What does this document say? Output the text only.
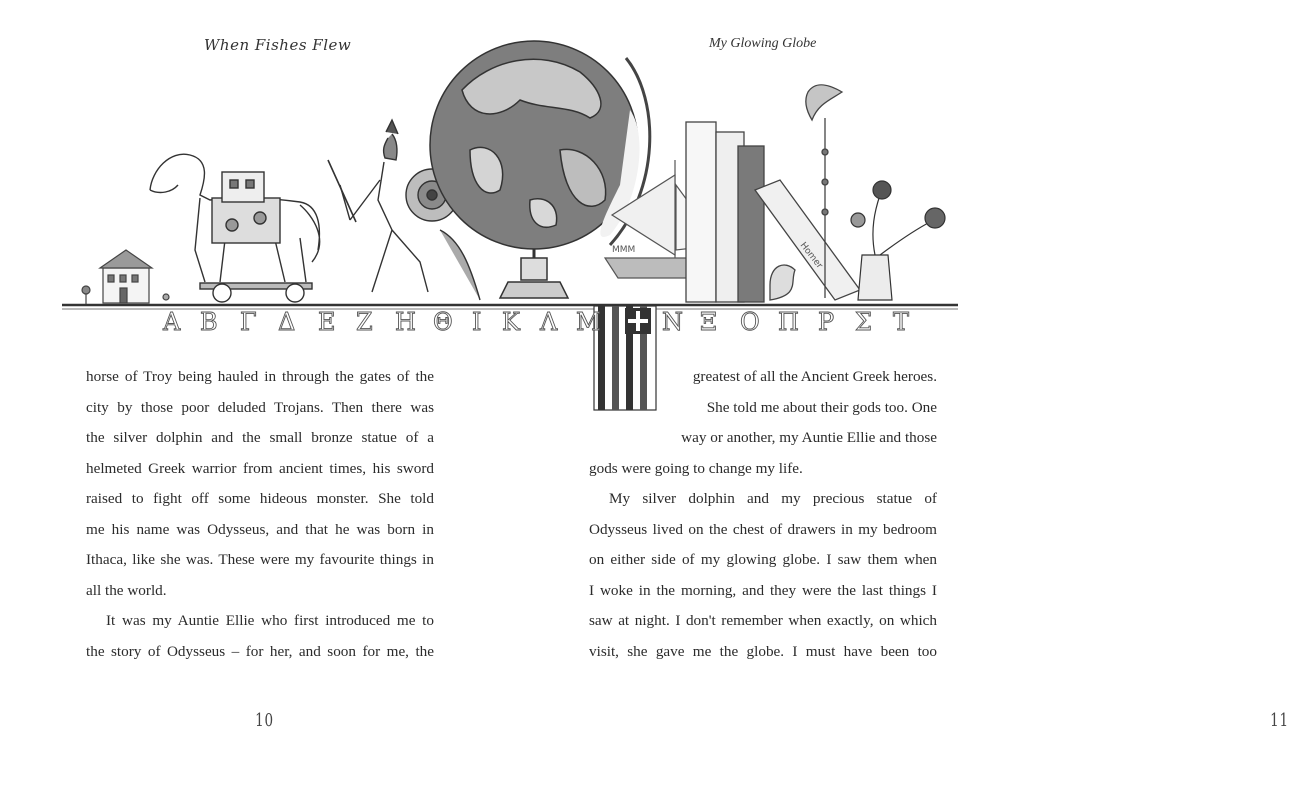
ΜΜΜ	Homer
Α Β Γ Δ Ε Ζ Η Θ Ι Κ Λ Μ	Ν Ξ Ο Π Ρ Σ Τ
When Fishes Flew
10

horse of Troy being hauled in through the gates of the
city by those poor deluded Trojans. Then there was
the silver dolphin and the small bronze statue of a
helmeted Greek warrior from ancient times, his sword
raised to fight off some hideous monster. She told
me his name was Odysseus, and that he was born in
Ithaca, like she was. These were my favourite things in
all the world.

It was my Auntie Ellie who first introduced me to
the story of Odysseus – for her, and soon for me, the

My Glowing Globe
11

greatest of all the Ancient Greek heroes.
She told me about their gods too. One
way or another, my Auntie Ellie and those
gods were going to change my life.

My silver dolphin and my precious statue of
Odysseus lived on the chest of drawers in my bedroom
on either side of my glowing globe. I saw them when
I woke in the morning, and they were the last things I
saw at night. I don't remember when exactly, on which
visit, she gave me the globe. I must have been too
